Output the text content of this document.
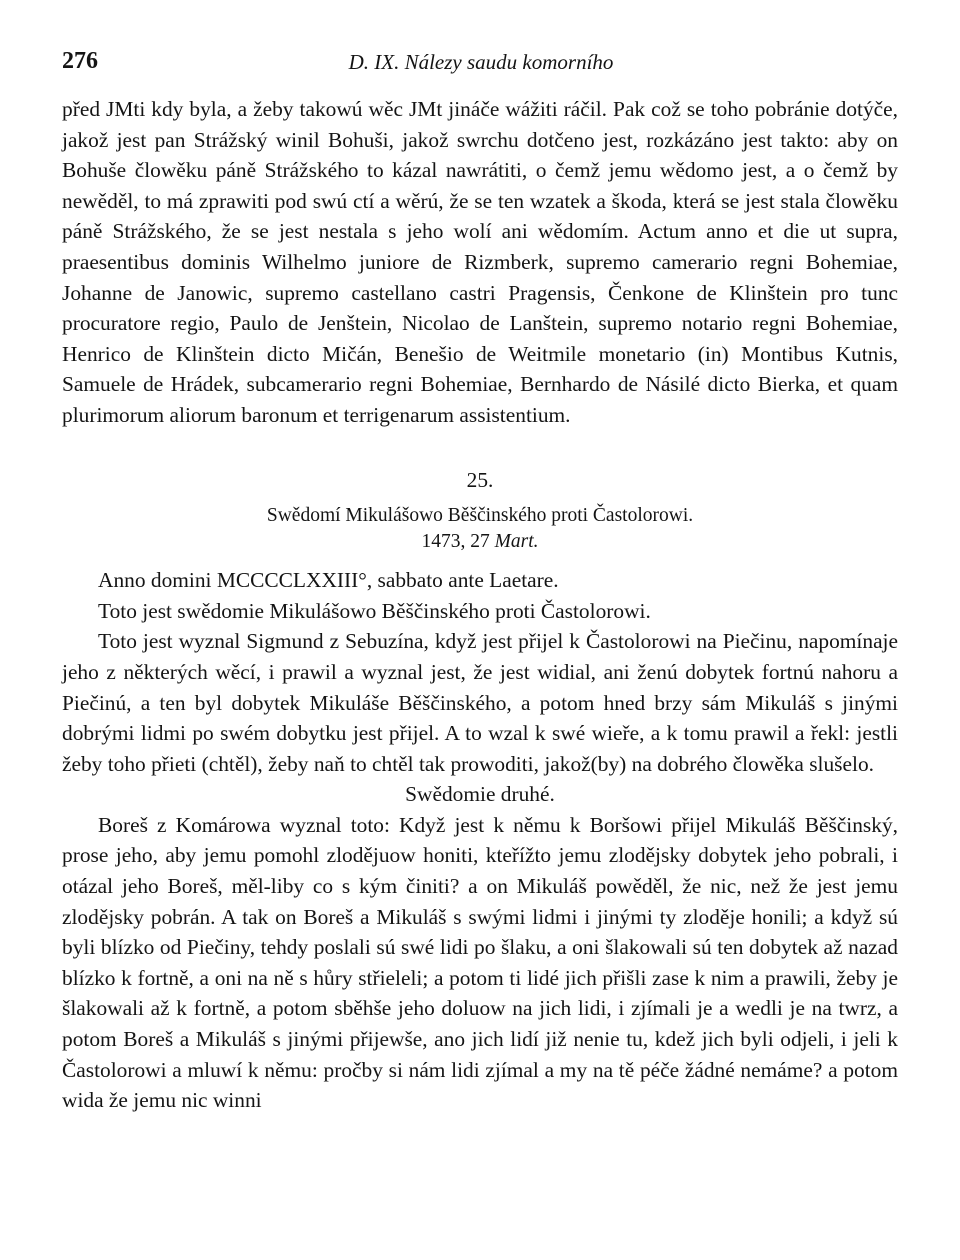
276	D. IX. Nálezy saudu komorního

před JMti kdy byla, a žeby takowú wěc JMt jináče wážiti ráčil. Pak což se toho pobránie dotýče, jakož jest pan Strážský winil Bohuši, jakož swrchu dotčeno jest, rozkázáno jest takto: aby on Bohuše člowěku páně Strážského to kázal nawrátiti, o čemž jemu wědomo jest, a o čemž by newěděl, to má zprawiti pod swú ctí a wěrú, že se ten wzatek a škoda, která se jest stala člowěku páně Strážského, že se jest nestala s jeho wolí ani wědomím. Actum anno et die ut supra, praesentibus dominis Wilhelmo juniore de Rizmberk, supremo camerario regni Bohemiae, Johanne de Janowic, supremo castellano castri Pragensis, Čenkone de Klinštein pro tunc procuratore regio, Paulo de Jenštein, Nicolao de Lanštein, supremo notario regni Bohemiae, Henrico de Klinštein dicto Mičán, Benešio de Weitmile monetario (in) Montibus Kutnis, Samuele de Hrádek, subcamerario regni Bohemiae, Bernhardo de Násilé dicto Bierka, et quam plurimorum aliorum baronum et terrigenarum assistentium.

25.

Swědomí Mikulášowo Běščinského proti Častolorowi.

1473, 27 Mart.

Anno domini MCCCCLXXIII°, sabbato ante Laetare.

Toto jest swědomie Mikulášowo Běščinského proti Častolorowi.

Toto jest wyznal Sigmund z Sebuzína, když jest přijel k Častolorowi na Piečinu, napomínaje jeho z některých wěcí, i prawil a wyznal jest, že jest widial, ani ženú dobytek fortnú nahoru a Piečinú, a ten byl dobytek Mikuláše Běščinského, a potom hned brzy sám Mikuláš s jinými dobrými lidmi po swém dobytku jest přijel. A to wzal k swé wieře, a k tomu prawil a řekl: jestli žeby toho přieti (chtěl), žeby naň to chtěl tak prowoditi, jakož(by) na dobrého člowěka slušelo.

Swědomie druhé.

Boreš z Komárowa wyznal toto: Když jest k němu k Boršowi přijel Mikuláš Běščinský, prose jeho, aby jemu pomohl zlodějuow honiti, kteřížto jemu zlodějsky dobytek jeho pobrali, i otázal jeho Boreš, měl-liby co s kým činiti? a on Mikuláš powěděl, že nic, než že jest jemu zlodějsky pobrán. A tak on Boreš a Mikuláš s swými lidmi i jinými ty zloděje honili; a když sú byli blízko od Piečiny, tehdy poslali sú swé lidi po šlaku, a oni šlakowali sú ten dobytek až nazad blízko k fortně, a oni na ně s hůry střieleli; a potom ti lidé jich přišli zase k nim a prawili, žeby je šlakowali až k fortně, a potom sběhše jeho doluow na jich lidi, i zjímali je a wedli je na twrz, a potom Boreš a Mikuláš s jinými přijewše, ano jich lidí již nenie tu, kdež jich byli odjeli, i jeli k Častolorowi a mluwí k němu: pročby si nám lidi zjímal a my na tě péče žádné nemáme? a potom wida že jemu nic winni
